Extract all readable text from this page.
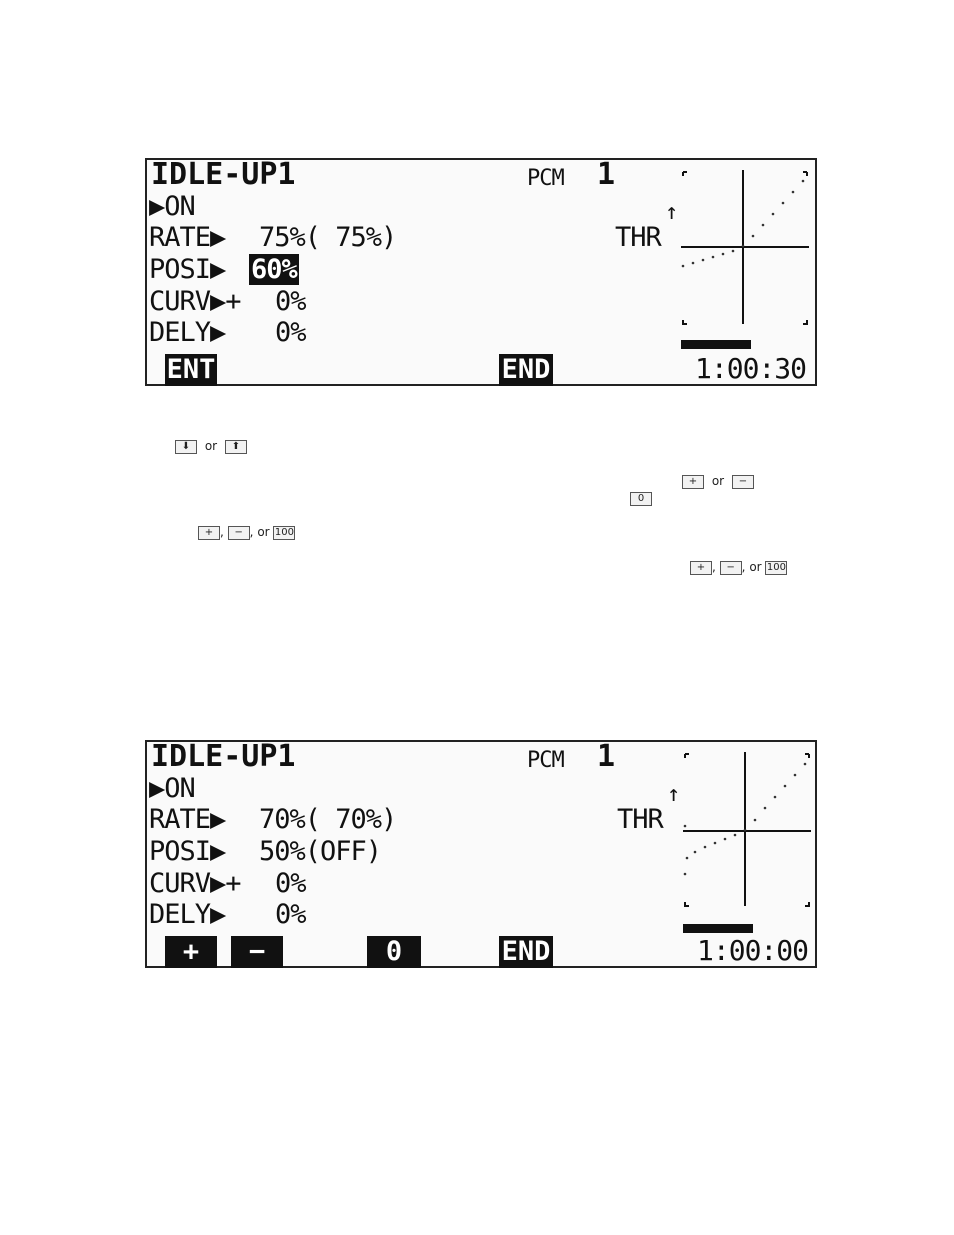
IDLE-UP1	PCM 1
▶ON
RATE▶ 75%( 75%)
POSI▶ 60%
CURV▶+ 0%
DELY▶ 0%
THR
↑
ENT	END	1:00:30
⬇ or ⬆
+ or −
0
+ , − , or 100
+ , − , or 100
IDLE-UP1	PCM 1
▶ON
RATE▶ 70%( 70%)
POSI▶ 50%(OFF)
CURV▶+ 0%
DELY▶ 0%
THR
↑
+	−	0	END	1:00:00
